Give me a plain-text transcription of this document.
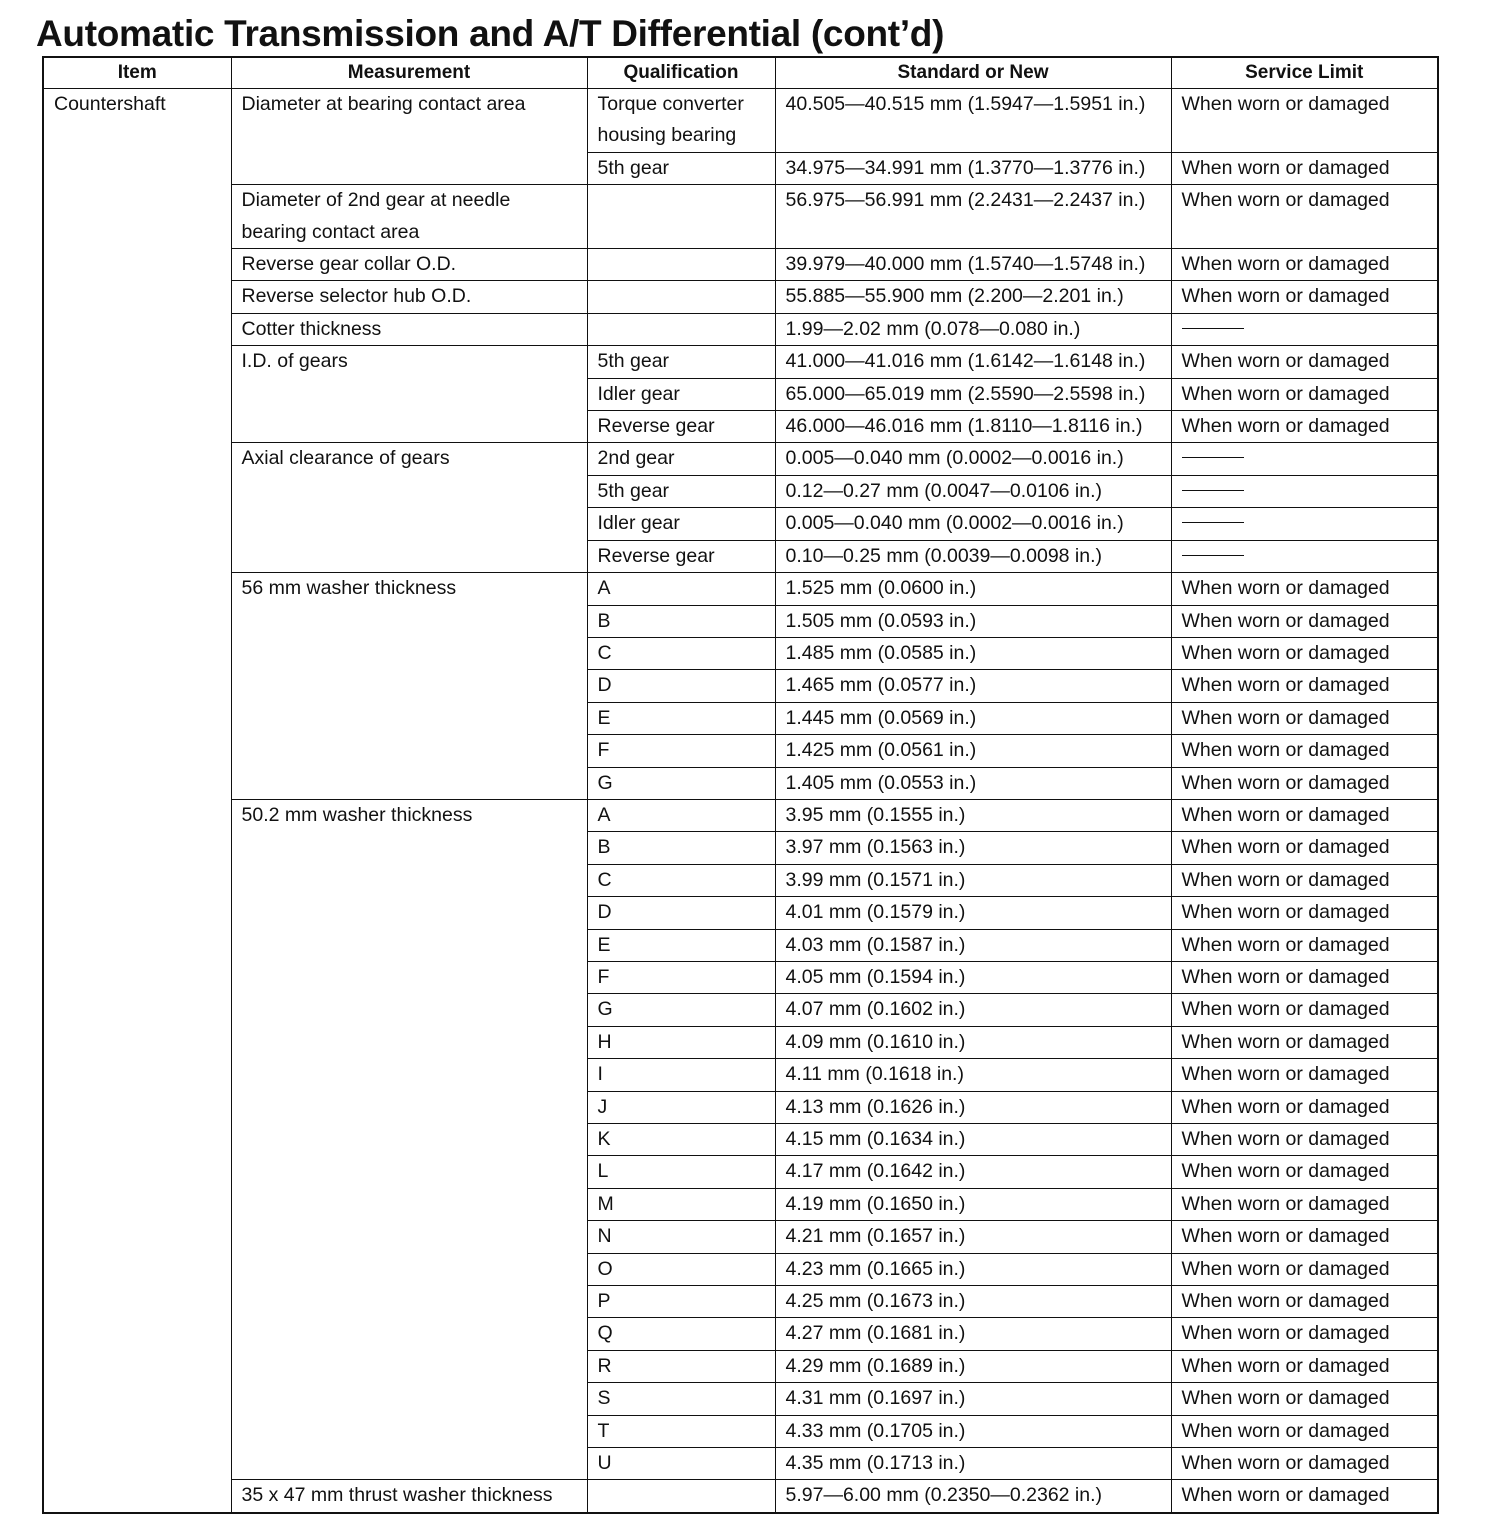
Automatic Transmission and A/T Differential (cont’d)
Item	Measurement	Qualification	Standard or New	Service Limit
Countershaft	Diameter at bearing contact area	Torque converter housing bearing	40.505—40.515 mm (1.5947—1.5951 in.)	When worn or damaged
		5th gear	34.975—34.991 mm (1.3770—1.3776 in.)	When worn or damaged
	Diameter of 2nd gear at needle bearing contact area		56.975—56.991 mm (2.2431—2.2437 in.)	When worn or damaged
	Reverse gear collar O.D.		39.979—40.000 mm (1.5740—1.5748 in.)	When worn or damaged
	Reverse selector hub O.D.		55.885—55.900 mm (2.200—2.201 in.)	When worn or damaged
	Cotter thickness		1.99—2.02 mm (0.078—0.080 in.)	
	I.D. of gears	5th gear	41.000—41.016 mm (1.6142—1.6148 in.)	When worn or damaged
		Idler gear	65.000—65.019 mm (2.5590—2.5598 in.)	When worn or damaged
		Reverse gear	46.000—46.016 mm (1.8110—1.8116 in.)	When worn or damaged
	Axial clearance of gears	2nd gear	0.005—0.040 mm (0.0002—0.0016 in.)	
		5th gear	0.12—0.27 mm (0.0047—0.0106 in.)	
		Idler gear	0.005—0.040 mm (0.0002—0.0016 in.)	
		Reverse gear	0.10—0.25 mm (0.0039—0.0098 in.)	
	56 mm washer thickness	A	1.525 mm (0.0600 in.)	When worn or damaged
		B	1.505 mm (0.0593 in.)	When worn or damaged
		C	1.485 mm (0.0585 in.)	When worn or damaged
		D	1.465 mm (0.0577 in.)	When worn or damaged
		E	1.445 mm (0.0569 in.)	When worn or damaged
		F	1.425 mm (0.0561 in.)	When worn or damaged
		G	1.405 mm (0.0553 in.)	When worn or damaged
	50.2 mm washer thickness	A	3.95 mm (0.1555 in.)	When worn or damaged
		B	3.97 mm (0.1563 in.)	When worn or damaged
		C	3.99 mm (0.1571 in.)	When worn or damaged
		D	4.01 mm (0.1579 in.)	When worn or damaged
		E	4.03 mm (0.1587 in.)	When worn or damaged
		F	4.05 mm (0.1594 in.)	When worn or damaged
		G	4.07 mm (0.1602 in.)	When worn or damaged
		H	4.09 mm (0.1610 in.)	When worn or damaged
		I	4.11 mm (0.1618 in.)	When worn or damaged
		J	4.13 mm (0.1626 in.)	When worn or damaged
		K	4.15 mm (0.1634 in.)	When worn or damaged
		L	4.17 mm (0.1642 in.)	When worn or damaged
		M	4.19 mm (0.1650 in.)	When worn or damaged
		N	4.21 mm (0.1657 in.)	When worn or damaged
		O	4.23 mm (0.1665 in.)	When worn or damaged
		P	4.25 mm (0.1673 in.)	When worn or damaged
		Q	4.27 mm (0.1681 in.)	When worn or damaged
		R	4.29 mm (0.1689 in.)	When worn or damaged
		S	4.31 mm (0.1697 in.)	When worn or damaged
		T	4.33 mm (0.1705 in.)	When worn or damaged
		U	4.35 mm (0.1713 in.)	When worn or damaged
	35 x 47 mm thrust washer thickness		5.97—6.00 mm (0.2350—0.2362 in.)	When worn or damaged
